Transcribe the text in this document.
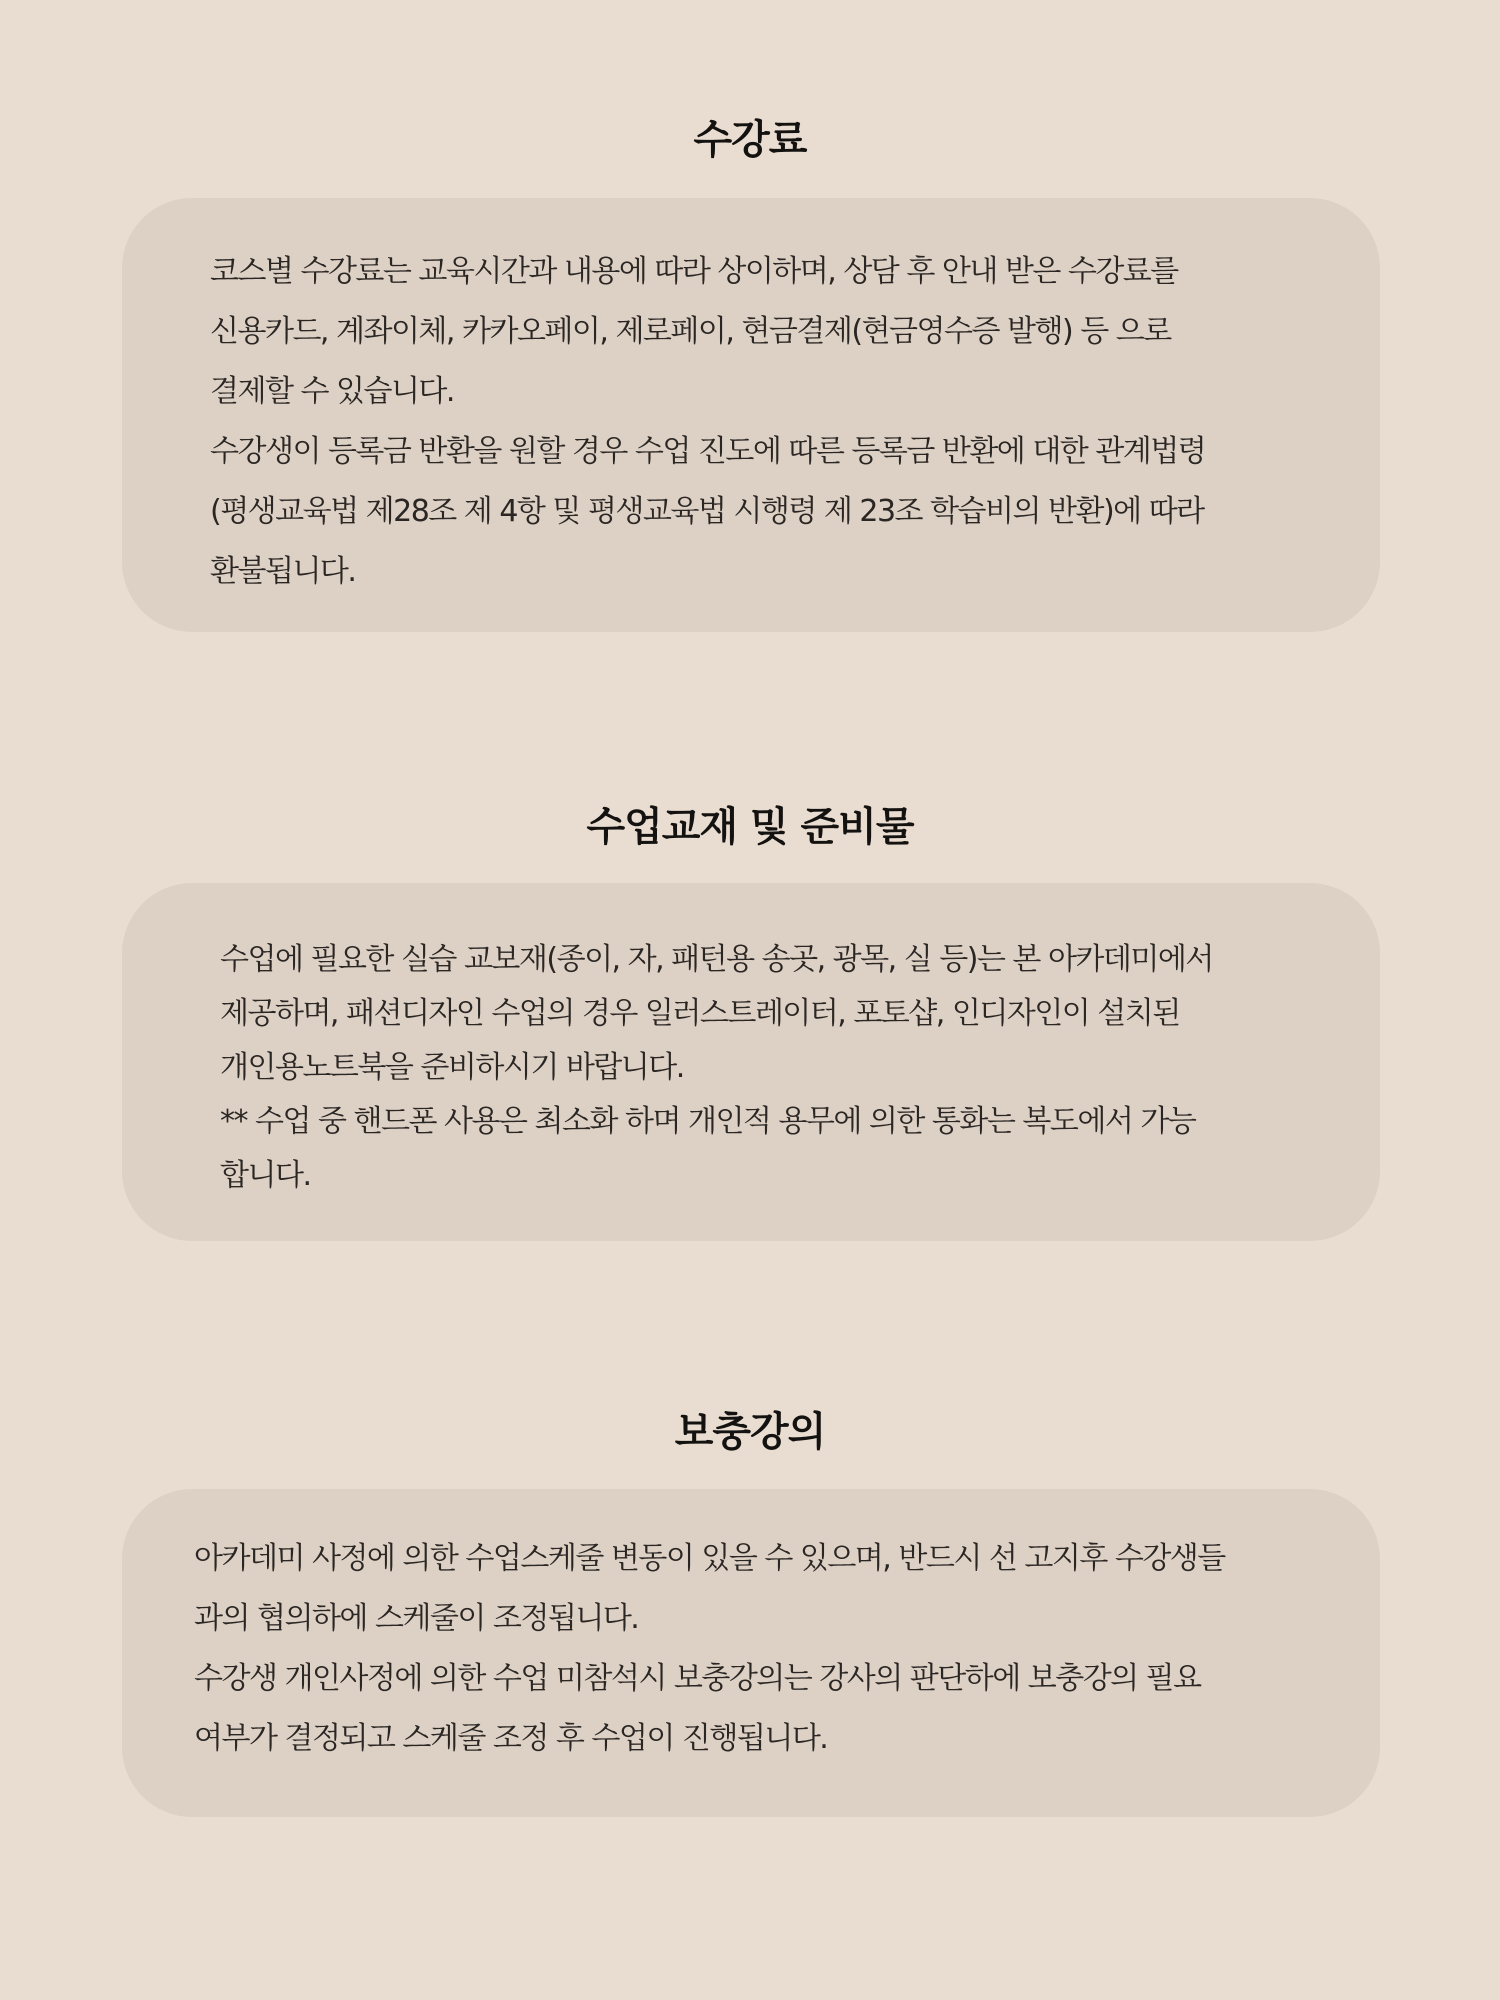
수강료

코스별 수강료는 교육시간과 내용에 따라 상이하며, 상담 후 안내 받은 수강료를

신용카드, 계좌이체, 카카오페이, 제로페이, 현금결제(현금영수증 발행) 등 으로

결제할 수 있습니다.

수강생이 등록금 반환을 원할 경우 수업 진도에 따른 등록금 반환에 대한 관계법령

(평생교육법 제28조 제 4항 및 평생교육법 시행령 제 23조 학습비의 반환)에 따라

환불됩니다.

수업교재 및 준비물

수업에 필요한 실습 교보재(종이, 자, 패턴용 송곳, 광목, 실 등)는 본 아카데미에서

제공하며, 패션디자인 수업의 경우 일러스트레이터, 포토샵, 인디자인이 설치된

개인용노트북을 준비하시기 바랍니다.

** 수업 중 핸드폰 사용은 최소화 하며 개인적 용무에 의한 통화는 복도에서 가능

합니다.

보충강의

아카데미 사정에 의한 수업스케줄 변동이 있을 수 있으며, 반드시 선 고지후 수강생들

과의 협의하에 스케줄이 조정됩니다.

수강생 개인사정에 의한 수업 미참석시 보충강의는 강사의 판단하에 보충강의 필요

여부가 결정되고 스케줄 조정 후 수업이 진행됩니다.
